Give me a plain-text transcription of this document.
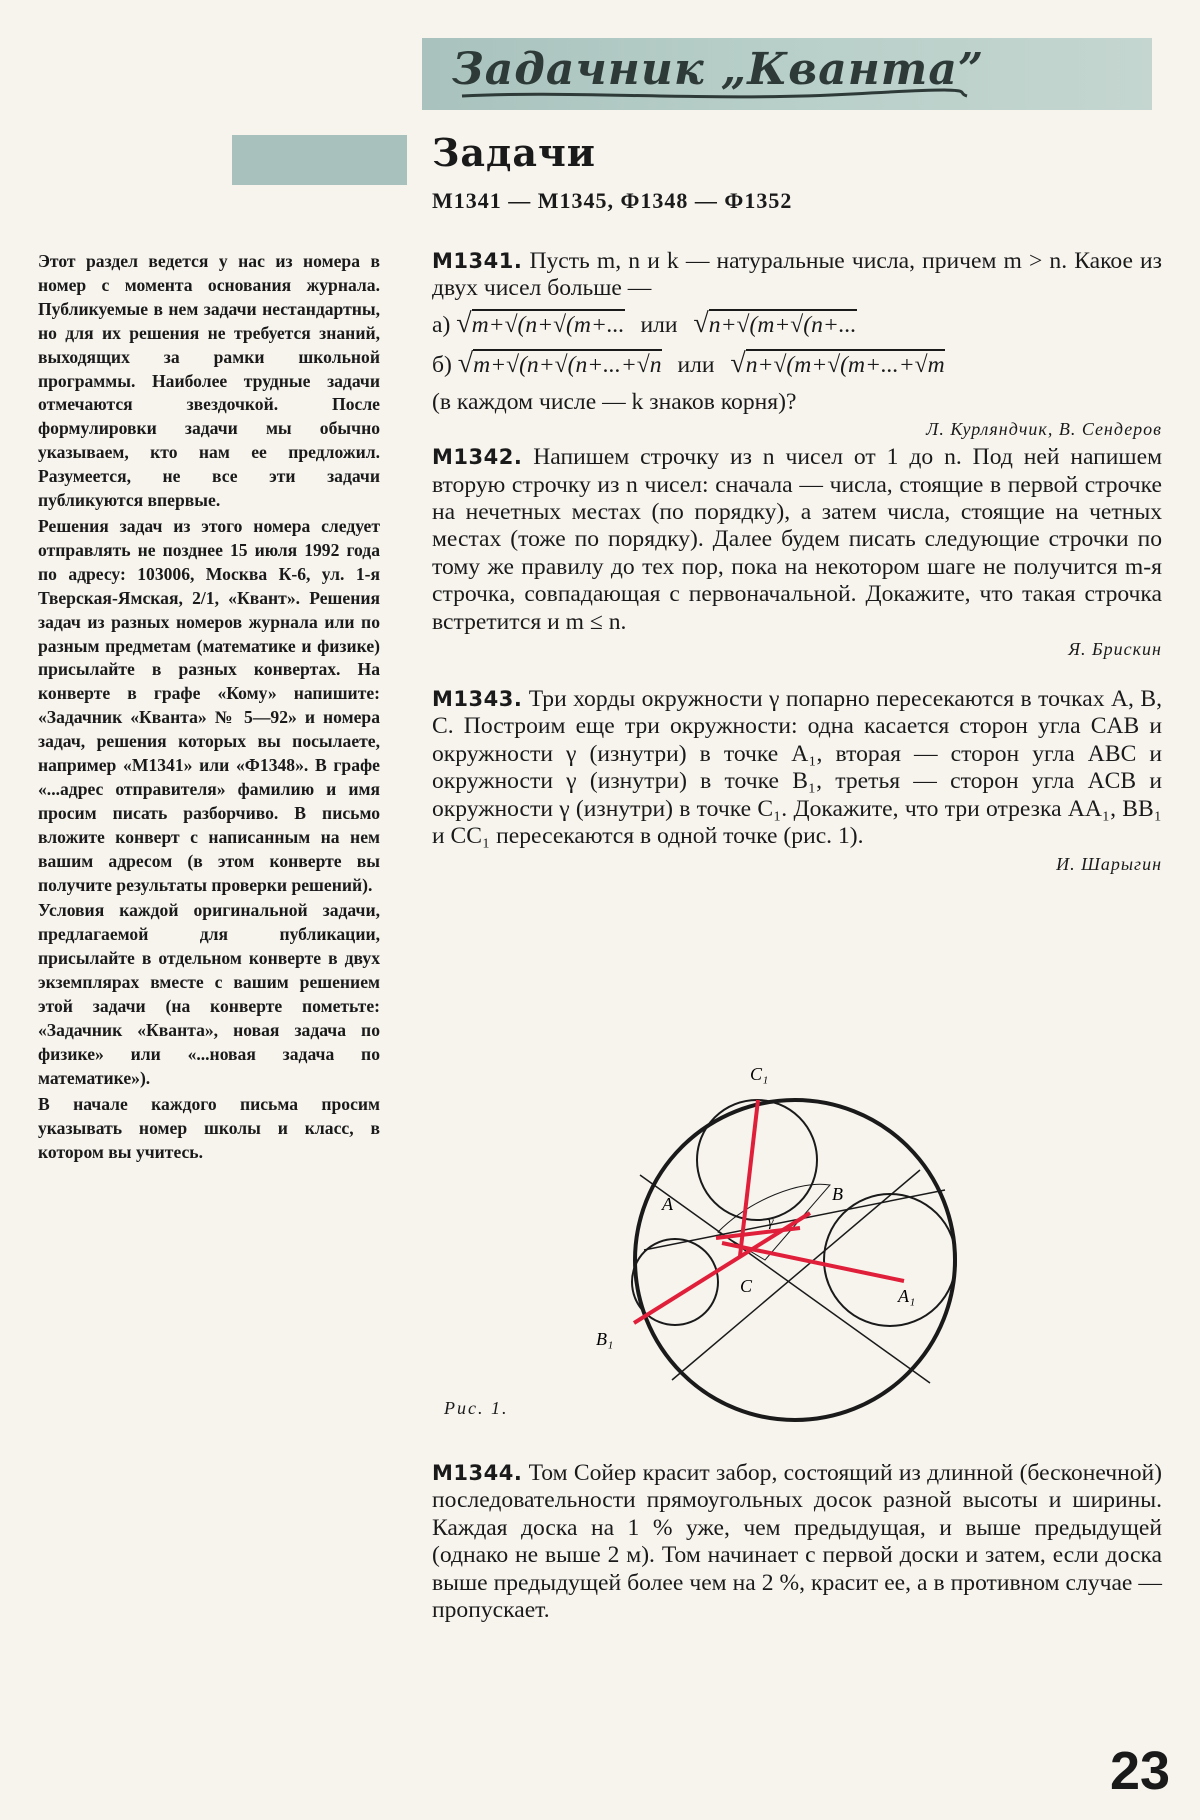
Задачник „Кванта”
Задачи
М1341 — М1345, Ф1348 — Ф1352

Этот раздел ведется у нас из номера в номер с момента основания журнала. Публикуемые в нем задачи нестандартны, но для их решения не требуется знаний, выходящих за рамки школьной программы. Наиболее трудные задачи отмечаются звездочкой. После формулировки задачи мы обычно указываем, кто нам ее предложил. Разумеется, не все эти задачи публикуются впервые.

Решения задач из этого номера следует отправлять не позднее 15 июля 1992 года по адресу: 103006, Москва К-6, ул. 1-я Тверская-Ямская, 2/1, «Квант». Решения задач из разных номеров журнала или по разным предметам (математике и физике) присылайте в разных конвертах. На конверте в графе «Кому» напишите: «Задачник «Кванта» № 5—92» и номера задач, решения которых вы посылаете, например «М1341» или «Ф1348». В графе «...адрес отправителя» фамилию и имя просим писать разборчиво. В письмо вложите конверт с написанным на нем вашим адресом (в этом конверте вы получите результаты проверки решений).

Условия каждой оригинальной задачи, предлагаемой для публикации, присылайте в отдельном конверте в двух экземплярах вместе с вашим решением этой задачи (на конверте пометьте: «Задачник «Кванта», новая задача по физике» или «...новая задача по математике»).

В начале каждого письма просим указывать номер школы и класс, в котором вы учитесь.

М1341. Пусть m, n и k — натуральные числа, причем m > n. Какое из двух чисел больше —

а) √m+√(n+√(m+... или √n+√(m+√(n+...
б) √m+√(n+√(n+...+√n или √n+√(m+√(m+...+√m

(в каждом числе — k знаков корня)?

Л. Курляндчик, В. Сендеров

М1342. Напишем строчку из n чисел от 1 до n. Под ней напишем вторую строчку из n чисел: сначала — числа, стоящие в первой строчке на нечетных местах (по порядку), а затем числа, стоящие на четных местах (тоже по порядку). Далее будем писать следующие строчки по тому же правилу до тех пор, пока на некотором шаге не получится m-я строчка, совпадающая с первоначальной. Докажите, что такая строчка встретится и m ≤ n.

Я. Брискин

М1343. Три хорды окружности γ попарно пересекаются в точках A, B, C. Построим еще три окружности: одна касается сторон угла CAB и окружности γ (изнутри) в точке A₁, вторая — сторон угла ABC и окружности γ (изнутри) в точке B₁, третья — сторон угла ACB и окружности γ (изнутри) в точке C₁. Докажите, что три отрезка AA₁, BB₁ и CC₁ пересекаются в одной точке (рис. 1).

И. Шарыгин
C₁
A	B
C	A₁
B₁
γ
Рис. 1.

М1344. Том Сойер красит забор, состоящий из длинной (бесконечной) последовательности прямоугольных досок разной высоты и ширины. Каждая доска на 1 % уже, чем предыдущая, и выше предыдущей (однако не выше 2 м). Том начинает с первой доски и затем, если доска выше предыдущей более чем на 2 %, красит ее, а в противном случае — пропускает.

23
